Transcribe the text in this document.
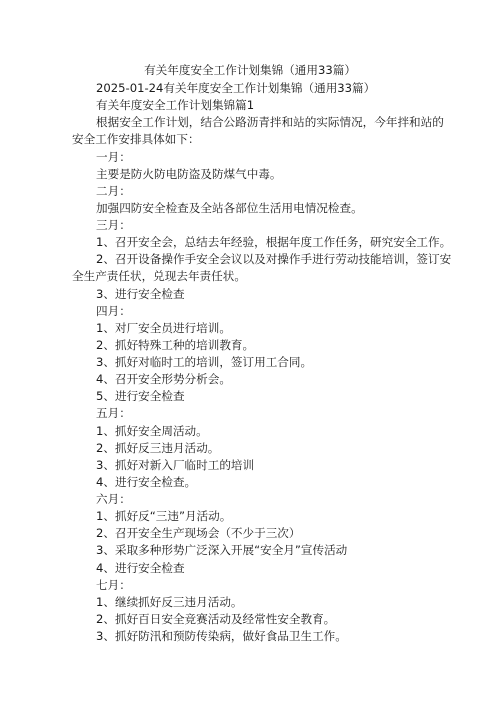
有关年度安全工作计划集锦（通用33篇）
2025-01-24有关年度安全工作计划集锦（通用33篇）
有关年度安全工作计划集锦篇1
根据安全工作计划，结合公路沥青拌和站的实际情况，今年拌和站的
安全工作安排具体如下：
一月：
主要是防火防电防盗及防煤气中毒。
二月：
加强四防安全检查及全站各部位生活用电情况检查。
三月：
1、召开安全会，总结去年经验，根据年度工作任务，研究安全工作。
2、召开设备操作手安全会议以及对操作手进行劳动技能培训，签订安
全生产责任状，兑现去年责任状。
3、进行安全检查
四月：
1、对厂安全员进行培训。
2、抓好特殊工种的培训教育。
3、抓好对临时工的培训，签订用工合同。
4、召开安全形势分析会。
5、进行安全检查
五月：
1、抓好安全周活动。
2、抓好反三违月活动。
3、抓好对新入厂临时工的培训
4、进行安全检查。
六月：
1、抓好反“三违”月活动。
2、召开安全生产现场会（不少于三次）
3、采取多种形势广泛深入开展“安全月”宣传活动
4、进行安全检查
七月：
1、继续抓好反三违月活动。
2、抓好百日安全竞赛活动及经常性安全教育。
3、抓好防汛和预防传染病，做好食品卫生工作。
